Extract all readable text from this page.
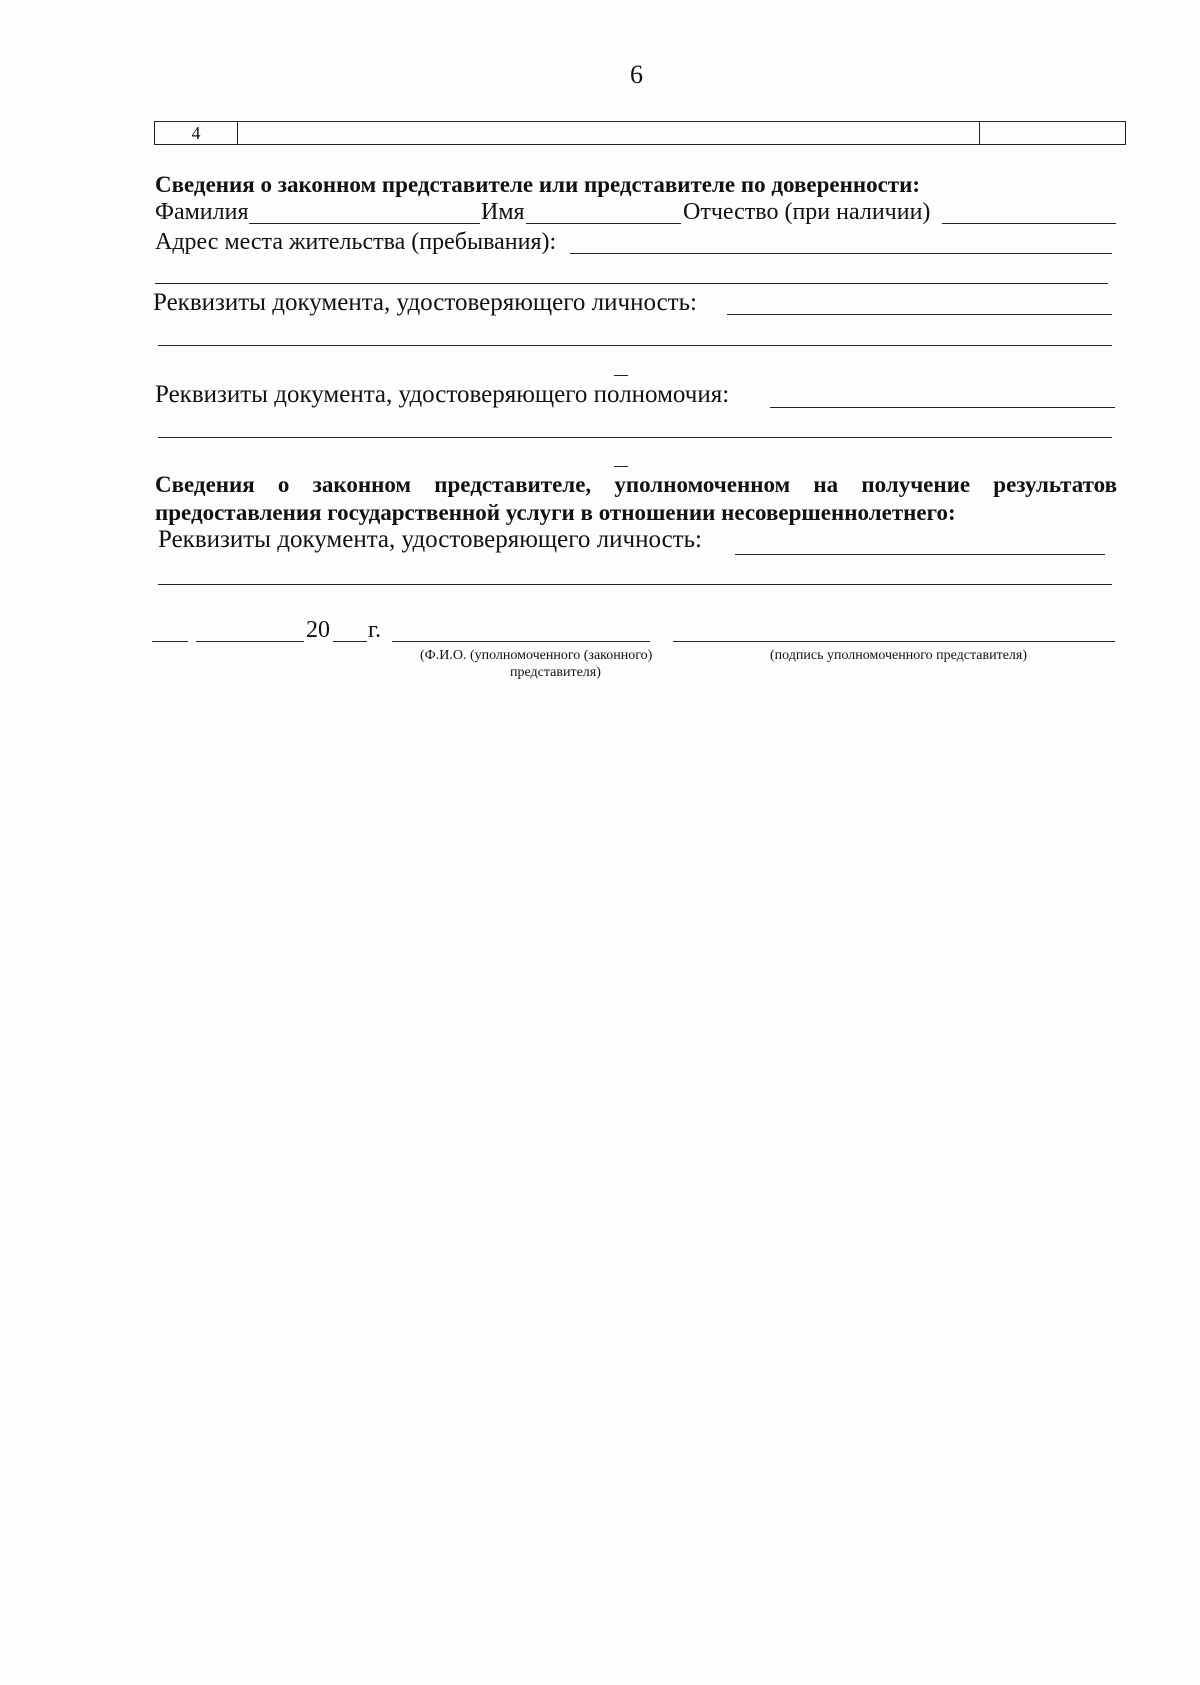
6
4
Сведения о законном представителе или представителе по доверенности:
Фамилия	Имя	Отчество (при наличии)
Адрес места жительства (пребывания):
Реквизиты документа, удостоверяющего личность:
Реквизиты документа, удостоверяющего полномочия:
Сведения о законном представителе, уполномоченном на получение результатов
предоставления государственной услуги в отношении несовершеннолетнего:
Реквизиты документа, удостоверяющего личность:
20 г.
(Ф.И.О. (уполномоченного (законного)
представителя)
(подпись уполномоченного представителя)
